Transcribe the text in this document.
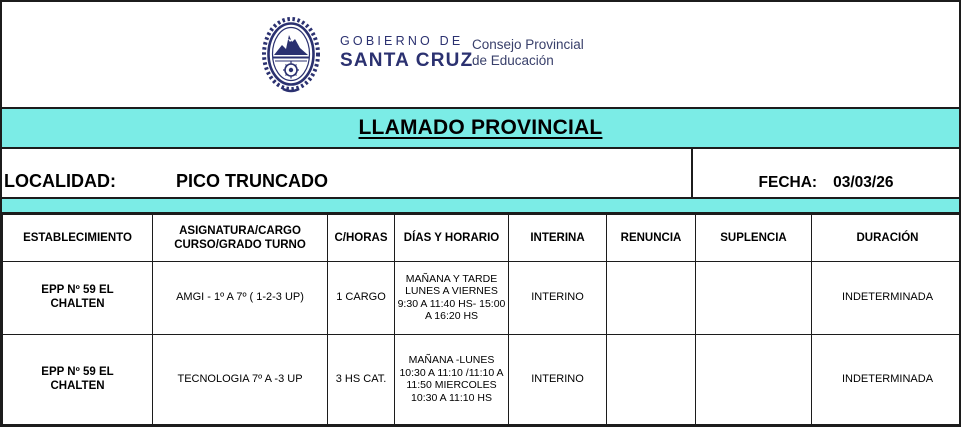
GOBIERNO DE
SANTA CRUZ
Consejo Provincial
de Educación
LLAMADO PROVINCIAL
LOCALIDAD:	PICO TRUNCADO	FECHA: 03/03/26
ESTABLECIMIENTO	ASIGNATURA/CARGO CURSO/GRADO TURNO	C/HORAS	DÍAS Y HORARIO	INTERINA	RENUNCIA	SUPLENCIA	DURACIÓN
EPP Nº 59 EL CHALTEN	AMGI - 1º A 7º ( 1-2-3 UP)	1 CARGO	MAÑANA Y TARDE LUNES A VIERNES 9:30 A 11:40 HS- 15:00 A 16:20 HS	INTERINO			INDETERMINADA
EPP Nº 59 EL CHALTEN	TECNOLOGIA 7º A -3 UP	3 HS CAT.	MAÑANA -LUNES 10:30 A 11:10 /11:10 A 11:50 MIERCOLES 10:30 A 11:10 HS	INTERINO			INDETERMINADA
